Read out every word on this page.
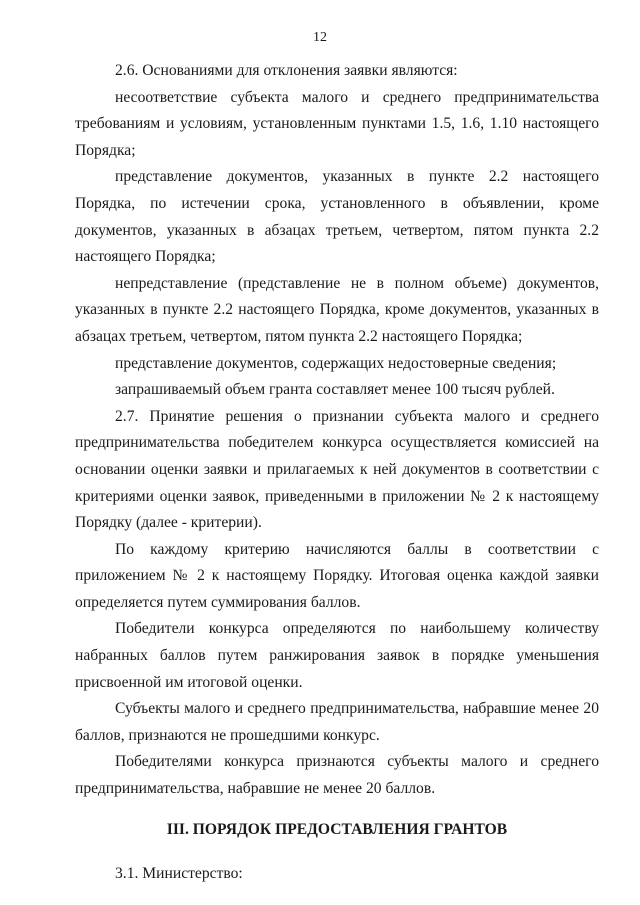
12

2.6. Основаниями для отклонения заявки являются:

несоответствие субъекта малого и среднего предпринимательства требованиям и условиям, установленным пунктами 1.5, 1.6, 1.10 настоящего Порядка;

представление документов, указанных в пункте 2.2 настоящего Порядка, по истечении срока, установленного в объявлении, кроме документов, указанных в абзацах третьем, четвертом, пятом пункта 2.2 настоящего Порядка;

непредставление (представление не в полном объеме) документов, указанных в пункте 2.2 настоящего Порядка, кроме документов, указанных в абзацах третьем, четвертом, пятом пункта 2.2 настоящего Порядка;

представление документов, содержащих недостоверные сведения;

запрашиваемый объем гранта составляет менее 100 тысяч рублей.

2.7. Принятие решения о признании субъекта малого и среднего предпринимательства победителем конкурса осуществляется комиссией на основании оценки заявки и прилагаемых к ней документов в соответствии с критериями оценки заявок, приведенными в приложении № 2 к настоящему Порядку (далее - критерии).

По каждому критерию начисляются баллы в соответствии с приложением № 2 к настоящему Порядку. Итоговая оценка каждой заявки определяется путем суммирования баллов.

Победители конкурса определяются по наибольшему количеству набранных баллов путем ранжирования заявок в порядке уменьшения присвоенной им итоговой оценки.

Субъекты малого и среднего предпринимательства, набравшие менее 20 баллов, признаются не прошедшими конкурс.

Победителями конкурса признаются субъекты малого и среднего предпринимательства, набравшие не менее 20 баллов.

III. ПОРЯДОК ПРЕДОСТАВЛЕНИЯ ГРАНТОВ

3.1. Министерство:
